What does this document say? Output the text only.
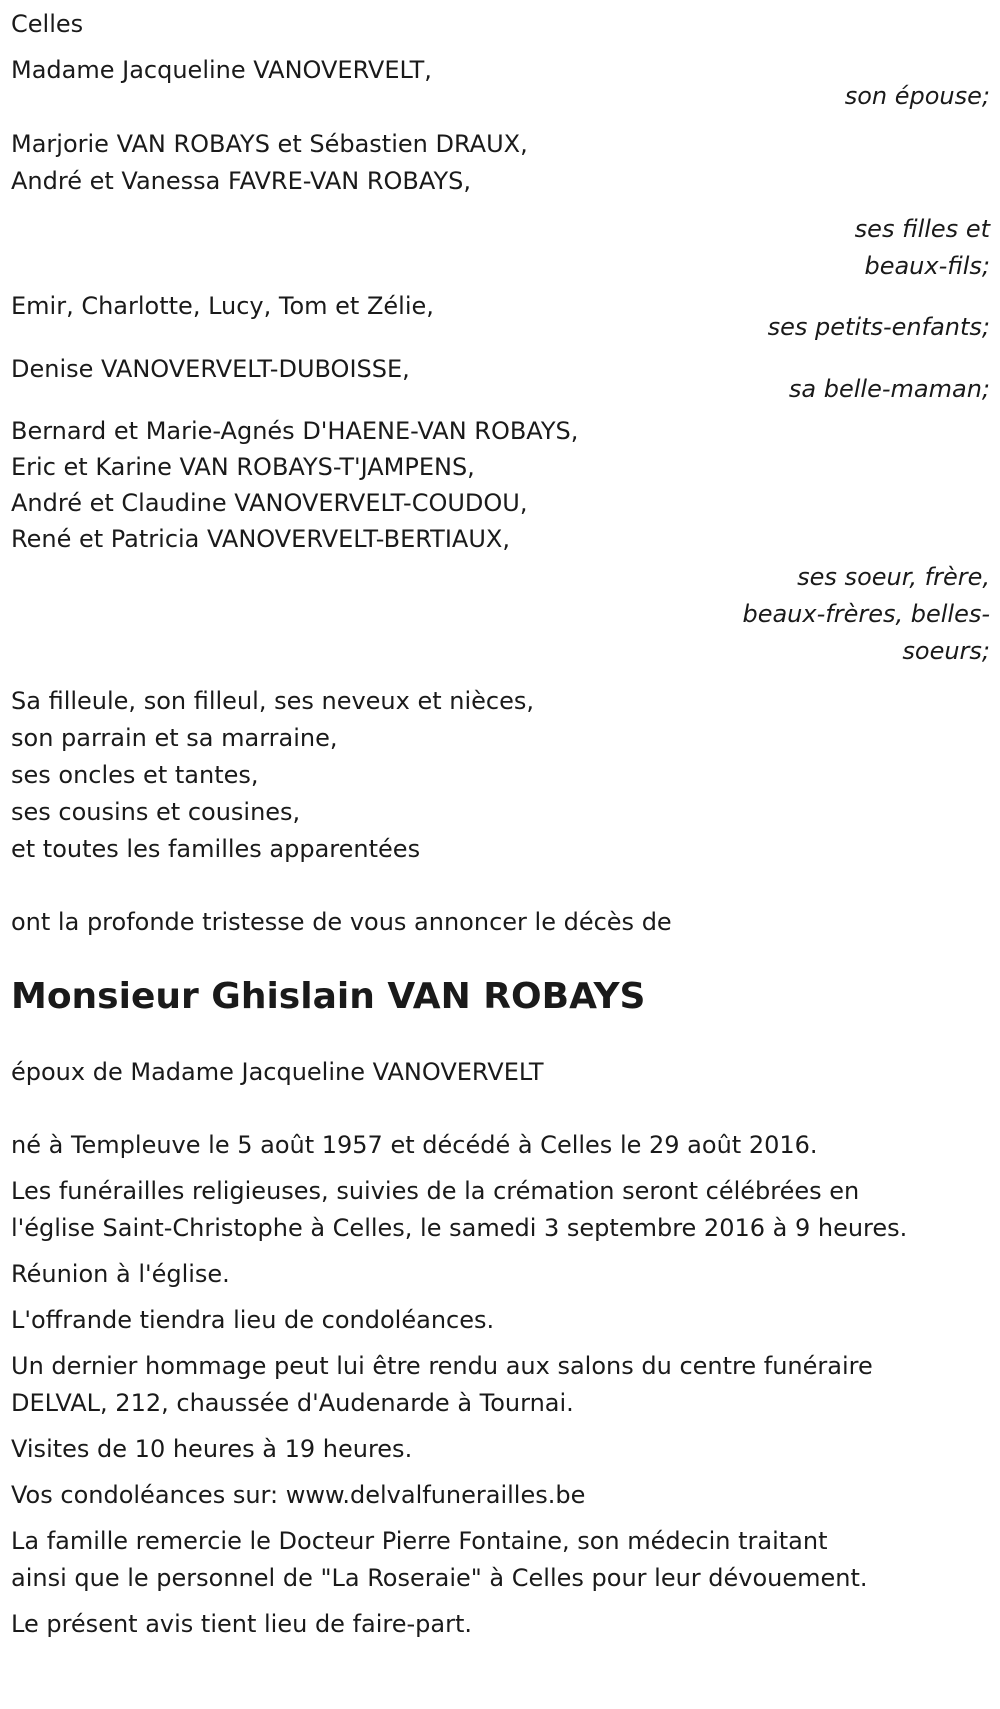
Celles
Madame Jacqueline VANOVERVELT,
son épouse;
Marjorie VAN ROBAYS et Sébastien DRAUX,
André et Vanessa FAVRE-VAN ROBAYS,
ses filles et
beaux-fils;
Emir, Charlotte, Lucy, Tom et Zélie,
ses petits-enfants;
Denise VANOVERVELT-DUBOISSE,
sa belle-maman;
Bernard et Marie-Agnés D'HAENE-VAN ROBAYS,
Eric et Karine VAN ROBAYS-T'JAMPENS,
André et Claudine VANOVERVELT-COUDOU,
René et Patricia VANOVERVELT-BERTIAUX,
ses soeur, frère,
beaux-frères, belles-
soeurs;
Sa filleule, son filleul, ses neveux et nièces,
son parrain et sa marraine,
ses oncles et tantes,
ses cousins et cousines,
et toutes les familles apparentées
ont la profonde tristesse de vous annoncer le décès de
Monsieur Ghislain VAN ROBAYS
époux de Madame Jacqueline VANOVERVELT
né à Templeuve le 5 août 1957 et décédé à Celles le 29 août 2016.
Les funérailles religieuses, suivies de la crémation seront célébrées en
l'église Saint-Christophe à Celles, le samedi 3 septembre 2016 à 9 heures.
Réunion à l'église.
L'offrande tiendra lieu de condoléances.
Un dernier hommage peut lui être rendu aux salons du centre funéraire
DELVAL, 212, chaussée d'Audenarde à Tournai.
Visites de 10 heures à 19 heures.
Vos condoléances sur: www.delvalfunerailles.be
La famille remercie le Docteur Pierre Fontaine, son médecin traitant
ainsi que le personnel de "La Roseraie" à Celles pour leur dévouement.
Le présent avis tient lieu de faire-part.
